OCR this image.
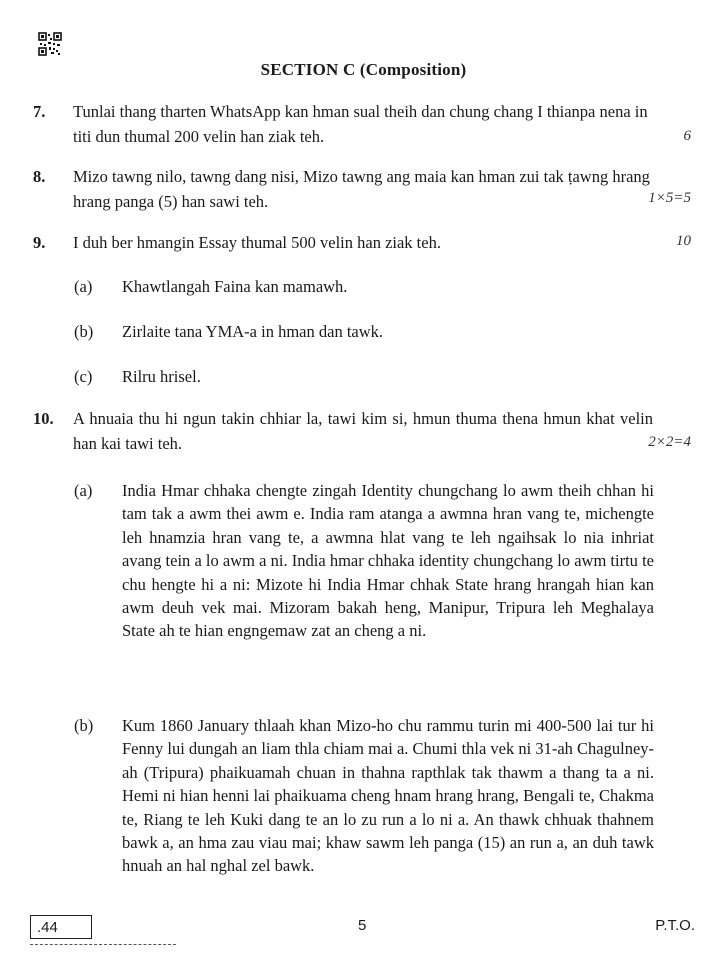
SECTION C (Composition)
7. Tunlai thang tharten WhatsApp kan hman sual theih dan chung chang I thianpa nena in titi dun thumal 200 velin han ziak teh.	6
8. Mizo tawng nilo, tawng dang nisi, Mizo tawng ang maia kan hman zui tak ṭawng hrang hrang panga (5) han sawi teh.	1×5=5
9. I duh ber hmangin Essay thumal 500 velin han ziak teh.	10
(a) Khawtlangah Faina kan mamawh.
(b) Zirlaite tana YMA-a in hman dan tawk.
(c) Rilru hrisel.
10. A hnuaia thu hi ngun takin chhiar la, tawi kim si, hmun thuma thena hmun khat velin han kai tawi teh.	2×2=4
(a) India Hmar chhaka chengte zingah Identity chungchang lo awm theih chhan hi tam tak a awm thei awm e. India ram atanga a awmna hran vang te, michengte leh hnamzia hran vang te, a awmna hlat vang te leh ngaihsak lo nia inhriat avang tein a lo awm a ni. India hmar chhaka identity chungchang lo awm tirtu te chu hengte hi a ni: Mizote hi India Hmar chhak State hrang hrangah hian kan awm deuh vek mai. Mizoram bakah heng, Manipur, Tripura leh Meghalaya State ah te hian engngemaw zat an cheng a ni.
(b) Kum 1860 January thlaah khan Mizo-ho chu rammu turin mi 400-500 lai tur hi Fenny lui dungah an liam thla chiam mai a. Chumi thla vek ni 31-ah Chagulney-ah (Tripura) phaikuamah chuan in thahna rapthlak tak thawm a thang ta a ni. Hemi ni hian henni lai phaikuama cheng hnam hrang hrang, Bengali te, Chakma te, Riang te leh Kuki dang te an lo zu run a lo ni a. An thawk chhuak thahnem bawk a, an hma zau viau mai; khaw sawm leh panga (15) an run a, an duh tawk hnuah an hal nghal zel bawk.
.44	5	P.T.O.
